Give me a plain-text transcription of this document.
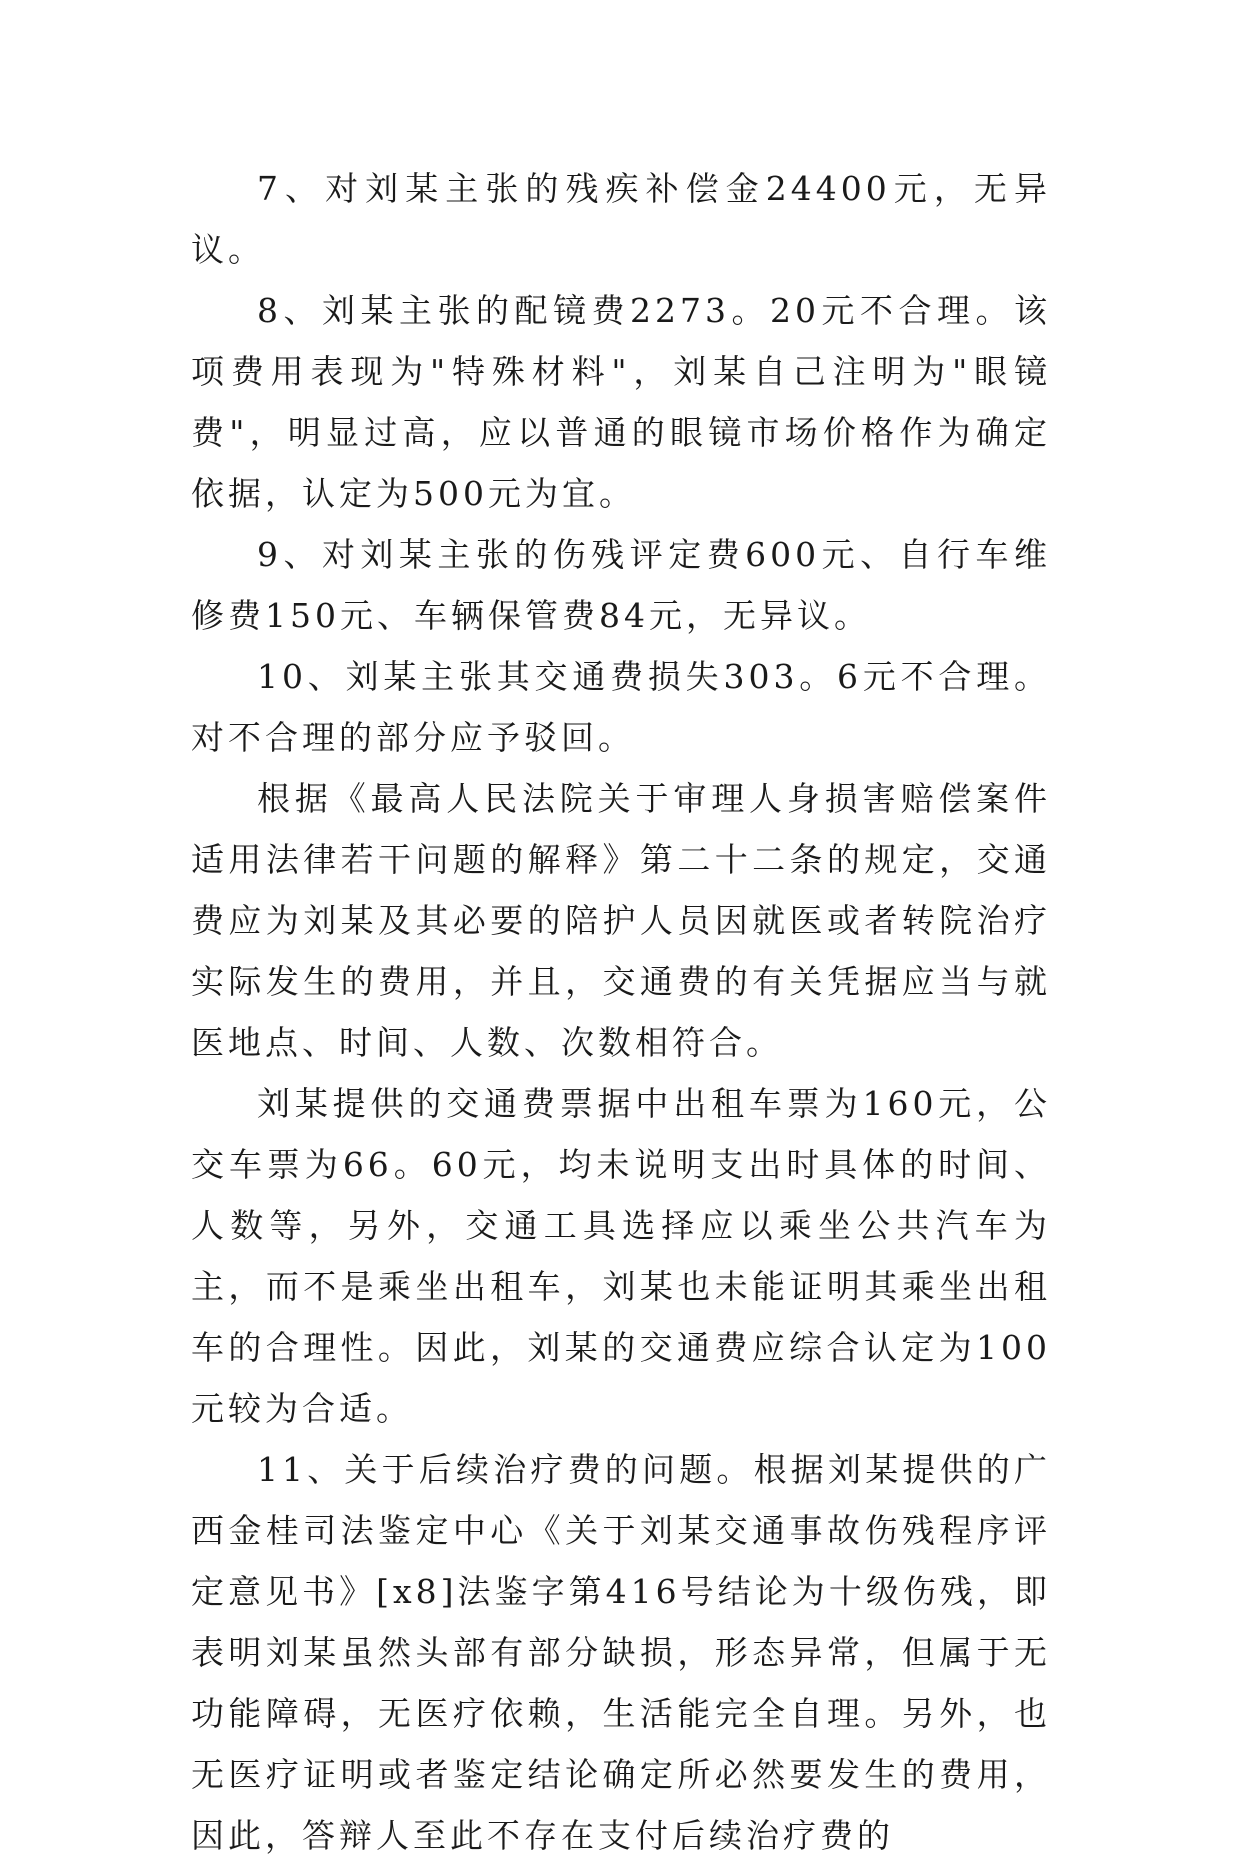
7、对刘某主张的残疾补偿金24400元，无异议。

8、刘某主张的配镜费2273。20元不合理。该项费用表现为"特殊材料"，刘某自己注明为"眼镜费"，明显过高，应以普通的眼镜市场价格作为确定依据，认定为500元为宜。

9、对刘某主张的伤残评定费600元、自行车维修费150元、车辆保管费84元，无异议。

10、刘某主张其交通费损失303。6元不合理。对不合理的部分应予驳回。

根据《最高人民法院关于审理人身损害赔偿案件适用法律若干问题的解释》第二十二条的规定，交通费应为刘某及其必要的陪护人员因就医或者转院治疗实际发生的费用，并且，交通费的有关凭据应当与就医地点、时间、人数、次数相符合。

刘某提供的交通费票据中出租车票为160元，公交车票为66。60元，均未说明支出时具体的时间、人数等，另外，交通工具选择应以乘坐公共汽车为主，而不是乘坐出租车，刘某也未能证明其乘坐出租车的合理性。因此，刘某的交通费应综合认定为100元较为合适。

11、关于后续治疗费的问题。根据刘某提供的广西金桂司法鉴定中心《关于刘某交通事故伤残程序评定意见书》[x8]法鉴字第416号结论为十级伤残，即表明刘某虽然头部有部分缺损，形态异常，但属于无功能障碍，无医疗依赖，生活能完全自理。另外，也无医疗证明或者鉴定结论确定所必然要发生的费用，因此，答辩人至此不存在支付后续治疗费的
